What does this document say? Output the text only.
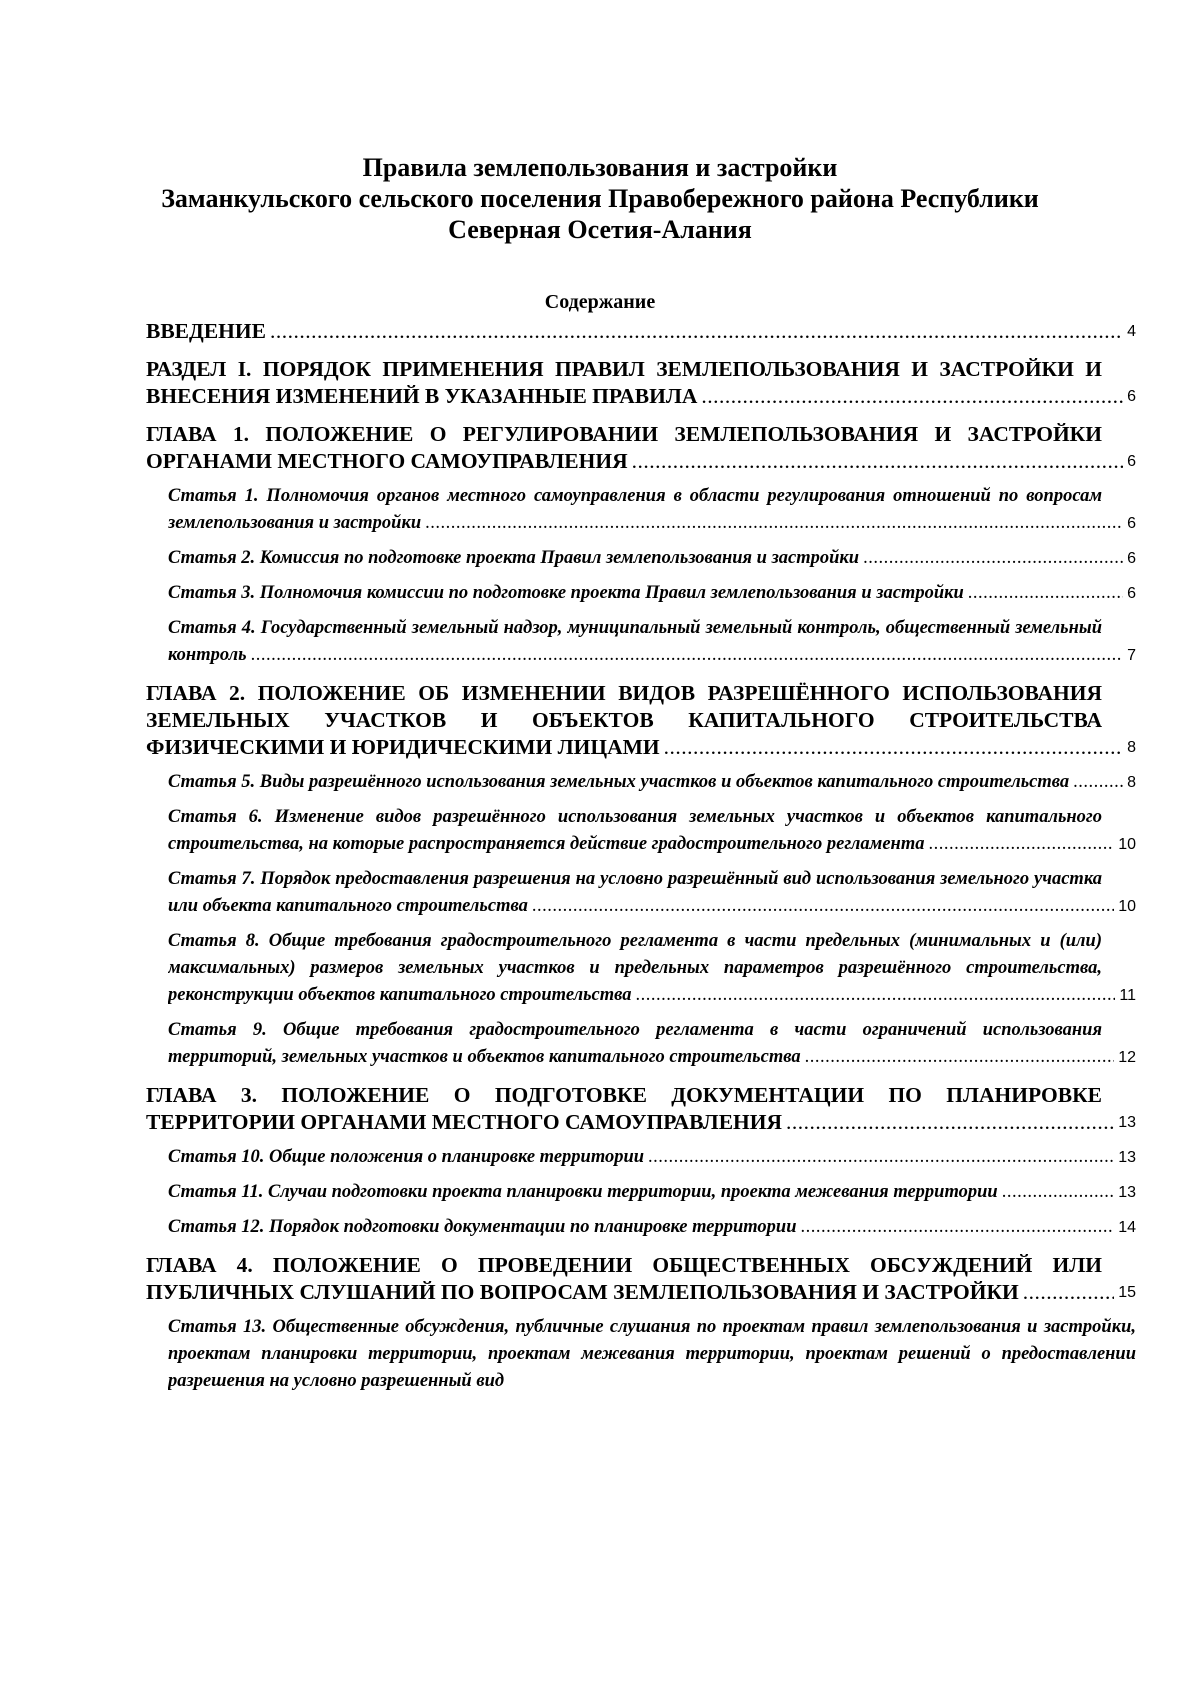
Правила землепользования и застройки
Заманкульского сельского поселения Правобережного района Республики
Северная Осетия-Алания
Содержание
ВВЕДЕНИЕ .....	4
РАЗДЕЛ I. ПОРЯДОК ПРИМЕНЕНИЯ ПРАВИЛ ЗЕМЛЕПОЛЬЗОВАНИЯ И ЗАСТРОЙКИ И ВНЕСЕНИЯ ИЗМЕНЕНИЙ В УКАЗАННЫЕ ПРАВИЛА .....	6
ГЛАВА 1. ПОЛОЖЕНИЕ О РЕГУЛИРОВАНИИ ЗЕМЛЕПОЛЬЗОВАНИЯ И ЗАСТРОЙКИ ОРГАНАМИ МЕСТНОГО САМОУПРАВЛЕНИЯ .....	6
Статья 1. Полномочия органов местного самоуправления в области регулирования отношений по вопросам землепользования и застройки .....	6
Статья 2. Комиссия по подготовке проекта Правил землепользования и застройки .....	6
Статья 3. Полномочия комиссии по подготовке проекта Правил землепользования и застройки .....	6
Статья 4. Государственный земельный надзор, муниципальный земельный контроль, общественный земельный контроль .....	7
ГЛАВА 2. ПОЛОЖЕНИЕ ОБ ИЗМЕНЕНИИ ВИДОВ РАЗРЕШЁННОГО ИСПОЛЬЗОВАНИЯ ЗЕМЕЛЬНЫХ УЧАСТКОВ И ОБЪЕКТОВ КАПИТАЛЬНОГО СТРОИТЕЛЬСТВА ФИЗИЧЕСКИМИ И ЮРИДИЧЕСКИМИ ЛИЦАМИ .....	8
Статья 5. Виды разрешённого использования земельных участков и объектов капитального строительства .....	8
Статья 6. Изменение видов разрешённого использования земельных участков и объектов капитального строительства, на которые распространяется действие градостроительного регламента .....	10
Статья 7. Порядок предоставления разрешения на условно разрешённый вид использования земельного участка или объекта капитального строительства .....	10
Статья 8. Общие требования градостроительного регламента в части предельных (минимальных и (или) максимальных) размеров земельных участков и предельных параметров разрешённого строительства, реконструкции объектов капитального строительства .....	11
Статья 9. Общие требования градостроительного регламента в части ограничений использования территорий, земельных участков и объектов капитального строительства .....	12
ГЛАВА 3. ПОЛОЖЕНИЕ О ПОДГОТОВКЕ ДОКУМЕНТАЦИИ ПО ПЛАНИРОВКЕ ТЕРРИТОРИИ ОРГАНАМИ МЕСТНОГО САМОУПРАВЛЕНИЯ .....	13
Статья 10. Общие положения о планировке территории .....	13
Статья 11. Случаи подготовки проекта планировки территории, проекта межевания территории .....	13
Статья 12. Порядок подготовки документации по планировке территории .....	14
ГЛАВА 4. ПОЛОЖЕНИЕ О ПРОВЕДЕНИИ ОБЩЕСТВЕННЫХ ОБСУЖДЕНИЙ ИЛИ ПУБЛИЧНЫХ СЛУШАНИЙ ПО ВОПРОСАМ ЗЕМЛЕПОЛЬЗОВАНИЯ И ЗАСТРОЙКИ .....	15
Статья 13. Общественные обсуждения, публичные слушания по проектам правил землепользования и застройки, проектам планировки территории, проектам межевания территории, проектам решений о предоставлении разрешения на условно разрешенный вид
